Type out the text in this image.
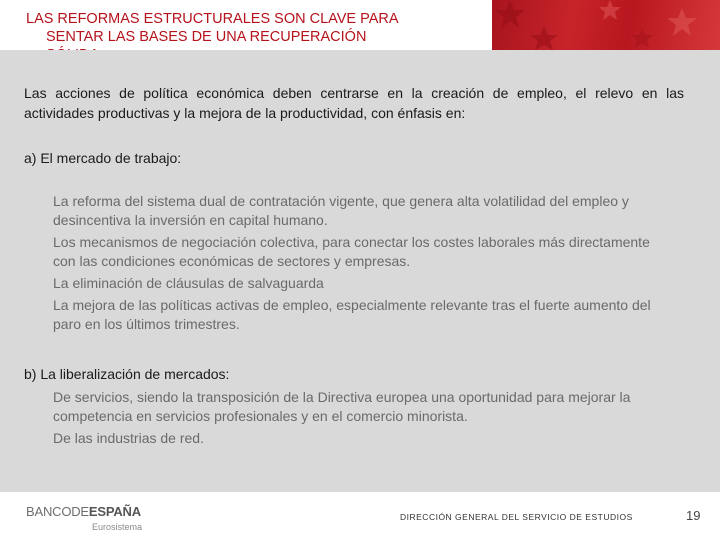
LAS REFORMAS ESTRUCTURALES SON CLAVE PARA
SENTAR LAS BASES DE UNA RECUPERACIÓN
Las acciones de política económica deben centrarse en la creación de empleo, el relevo en las actividades productivas y la mejora de la productividad, con énfasis en:
a) El mercado de trabajo:
La reforma del sistema dual de contratación vigente, que genera alta volatilidad del empleo y desincentiva la inversión en capital humano.
Los mecanismos de negociación colectiva, para conectar los costes laborales más directamente con las condiciones económicas de sectores y empresas.
La eliminación de cláusulas de salvaguarda
La mejora de las políticas activas de empleo, especialmente relevante tras el fuerte aumento del paro en los últimos trimestres.
b) La liberalización de mercados:
De servicios, siendo la transposición de la Directiva europea una oportunidad para mejorar la competencia en servicios profesionales y en el comercio minorista.
De las industrias de red.
BANCODEESPAÑA
Eurosistema
DIRECCIÓN GENERAL DEL SERVICIO DE ESTUDIOS	19
